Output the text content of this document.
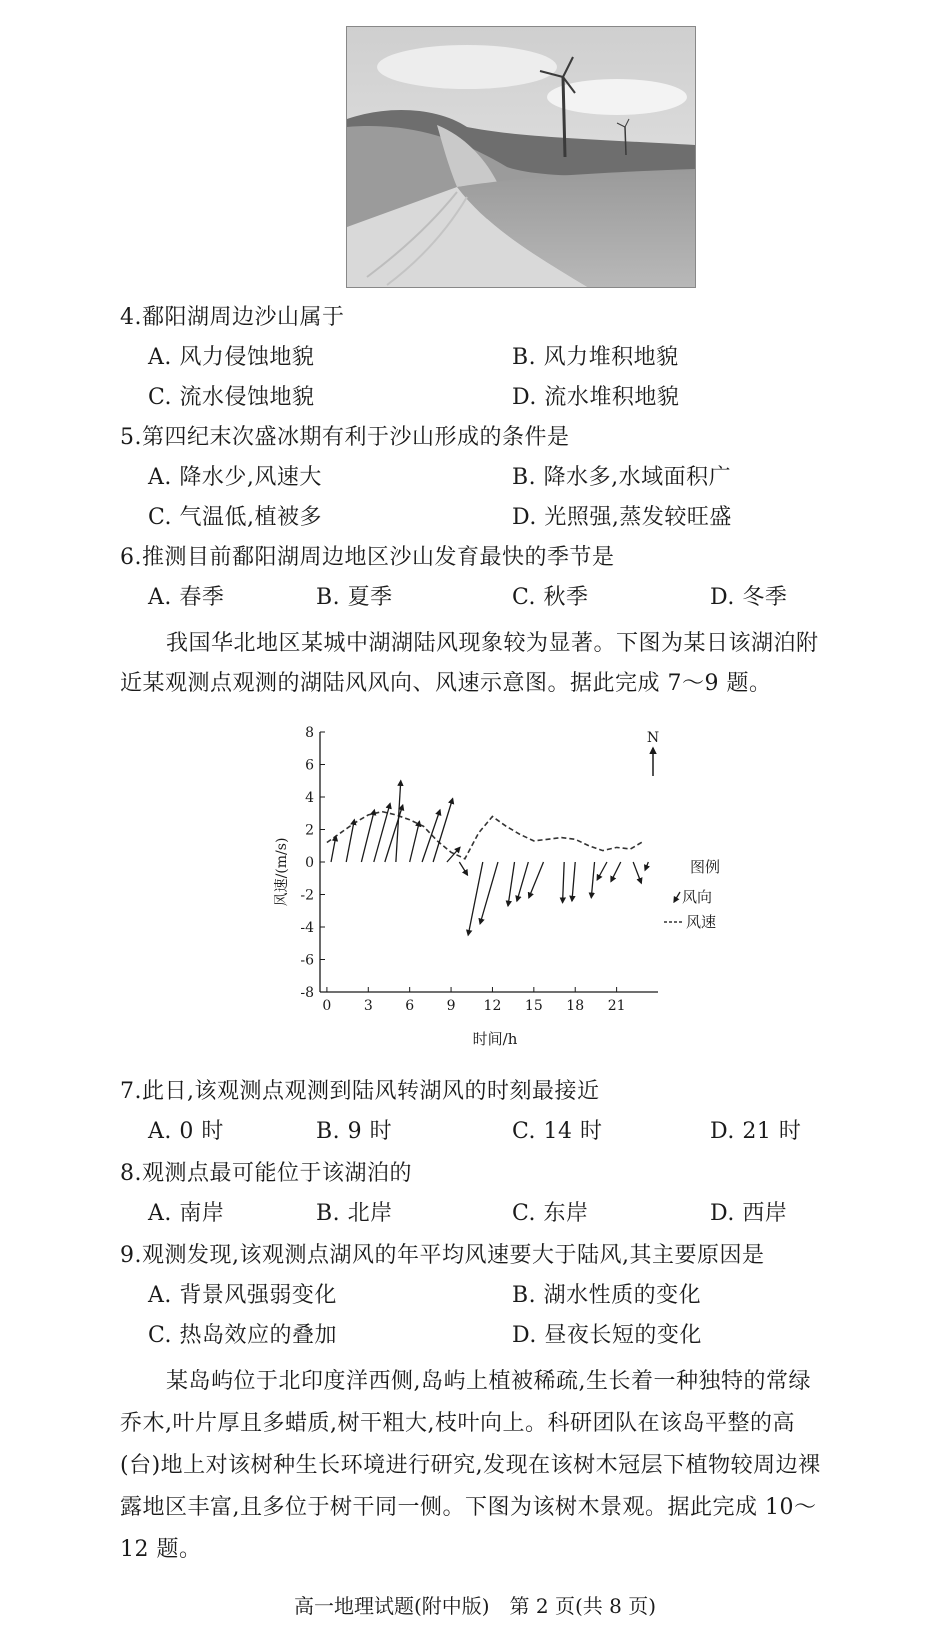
4.鄱阳湖周边沙山属于
A. 风力侵蚀地貌	B. 风力堆积地貌
C. 流水侵蚀地貌	D. 流水堆积地貌
5.第四纪末次盛冰期有利于沙山形成的条件是
A. 降水少,风速大	B. 降水多,水域面积广
C. 气温低,植被多	D. 光照强,蒸发较旺盛
6.推测目前鄱阳湖周边地区沙山发育最快的季节是
A. 春季	B. 夏季	C. 秋季	D. 冬季
我国华北地区某城中湖湖陆风现象较为显著。下图为某日该湖泊附
近某观测点观测的湖陆风风向、风速示意图。据此完成 7～9 题。
-8
-6
-4
-2
0
2
4
6
8
0 3 6 9 12 15 18 21
风速/(m/s)
时间/h
N
图例
风向
风速
7.此日,该观测点观测到陆风转湖风的时刻最接近
A. 0 时	B. 9 时	C. 14 时	D. 21 时
8.观测点最可能位于该湖泊的
A. 南岸	B. 北岸	C. 东岸	D. 西岸
9.观测发现,该观测点湖风的年平均风速要大于陆风,其主要原因是
A. 背景风强弱变化	B. 湖水性质的变化
C. 热岛效应的叠加	D. 昼夜长短的变化
某岛屿位于北印度洋西侧,岛屿上植被稀疏,生长着一种独特的常绿
乔木,叶片厚且多蜡质,树干粗大,枝叶向上。科研团队在该岛平整的高
(台)地上对该树种生长环境进行研究,发现在该树木冠层下植物较周边裸
露地区丰富,且多位于树干同一侧。下图为该树木景观。据此完成 10～
12 题。
高一地理试题(附中版)　第 2 页(共 8 页)
